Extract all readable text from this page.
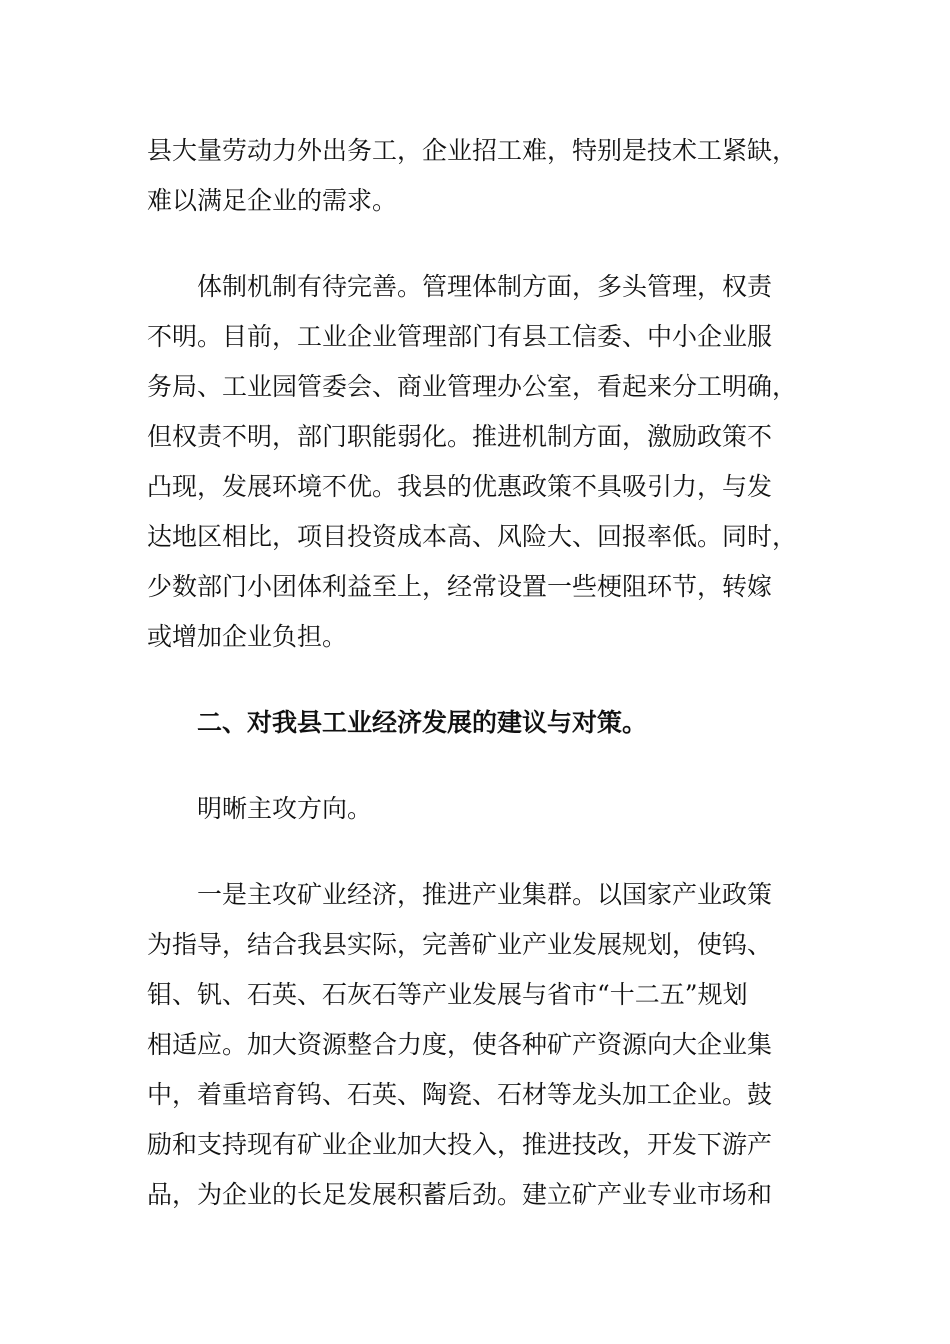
县大量劳动力外出务工，企业招工难，特别是技术工紧缺，
难以满足企业的需求。
体制机制有待完善。管理体制方面，多头管理，权责
不明。目前，工业企业管理部门有县工信委、中小企业服
务局、工业园管委会、商业管理办公室，看起来分工明确，
但权责不明，部门职能弱化。推进机制方面，激励政策不
凸现，发展环境不优。我县的优惠政策不具吸引力，与发
达地区相比，项目投资成本高、风险大、回报率低。同时，
少数部门小团体利益至上，经常设置一些梗阻环节，转嫁
或增加企业负担。
二、对我县工业经济发展的建议与对策。
明晰主攻方向。
一是主攻矿业经济，推进产业集群。以国家产业政策
为指导，结合我县实际，完善矿业产业发展规划，使钨、
钼、钒、石英、石灰石等产业发展与省市“十二五”规划
相适应。加大资源整合力度，使各种矿产资源向大企业集
中，着重培育钨、石英、陶瓷、石材等龙头加工企业。鼓
励和支持现有矿业企业加大投入，推进技改，开发下游产
品，为企业的长足发展积蓄后劲。建立矿产业专业市场和
